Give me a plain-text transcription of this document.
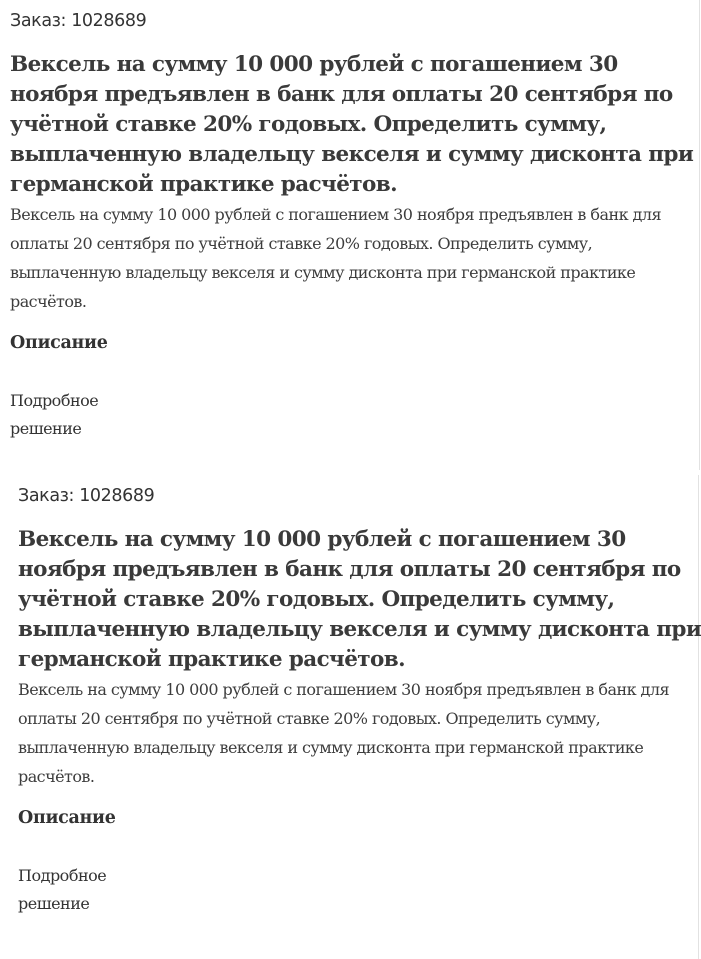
Заказ: 1028689

Вексель на сумму 10 000 рублей с погашением 30 ноября предъявлен в банк для оплаты 20 сентября по учётной ставке 20% годовых. Определить сумму, выплаченную владельцу векселя и сумму дисконта при германской практике расчётов.

Вексель на сумму 10 000 рублей с погашением 30 ноября предъявлен в банк для оплаты 20 сентября по учётной ставке 20% годовых. Определить сумму, выплаченную владельцу векселя и сумму дисконта при германской практике расчётов.

Описание

Подробное решение

Заказ: 1028689

Вексель на сумму 10 000 рублей с погашением 30 ноября предъявлен в банк для оплаты 20 сентября по учётной ставке 20% годовых. Определить сумму, выплаченную владельцу векселя и сумму дисконта при германской практике расчётов.

Вексель на сумму 10 000 рублей с погашением 30 ноября предъявлен в банк для оплаты 20 сентября по учётной ставке 20% годовых. Определить сумму, выплаченную владельцу векселя и сумму дисконта при германской практике расчётов.

Описание

Подробное решение
